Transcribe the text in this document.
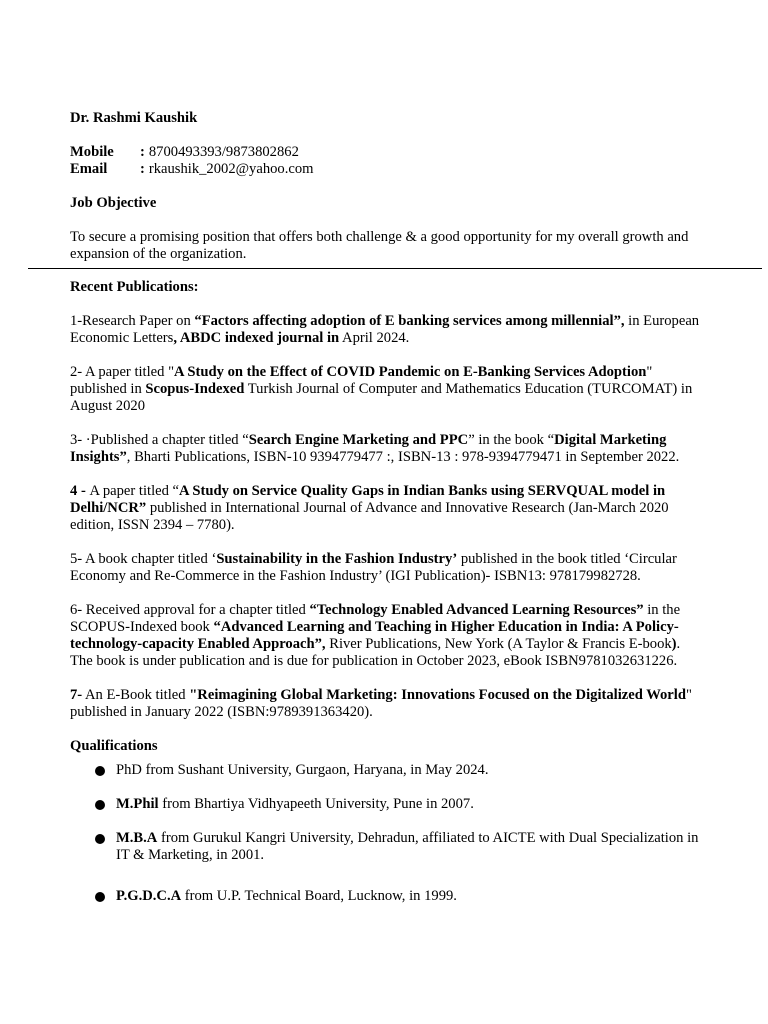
Dr. Rashmi Kaushik

Mobile	: 8700493393/9873802862
Email	: rkaushik_2002@yahoo.com

Job Objective

To secure a promising position that offers both challenge & a good opportunity for my overall growth and expansion of the organization.

Recent Publications:

1-Research Paper on “Factors affecting adoption of E banking services among millennial”, in European Economic Letters, ABDC indexed journal in April 2024.
2- A paper titled "A Study on the Effect of COVID Pandemic on E-Banking Services Adoption" published in Scopus-Indexed Turkish Journal of Computer and Mathematics Education (TURCOMAT) in August 2020
3- ·Published a chapter titled “Search Engine Marketing and PPC” in the book “Digital Marketing Insights”, Bharti Publications, ISBN-10 9394779477 :, ISBN-13 : 978-9394779471 in September 2022.
4 - A paper titled “A Study on Service Quality Gaps in Indian Banks using SERVQUAL model in Delhi/NCR” published in International Journal of Advance and Innovative Research (Jan-March 2020 edition, ISSN 2394 – 7780).
5- A book chapter titled ‘Sustainability in the Fashion Industry’ published in the book titled ‘Circular Economy and Re-Commerce in the Fashion Industry’ (IGI Publication)- ISBN13: 978179982728.
6- Received approval for a chapter titled “Technology Enabled Advanced Learning Resources” in the SCOPUS-Indexed book “Advanced Learning and Teaching in Higher Education in India: A Policy-technology-capacity Enabled Approach”, River Publications, New York (A Taylor & Francis E-book). The book is under publication and is due for publication in October 2023, eBook ISBN9781032631226.
7- An E-Book titled "Reimagining Global Marketing: Innovations Focused on the Digitalized World" published in January 2022 (ISBN:9789391363420).

Qualifications

PhD from Sushant University, Gurgaon, Haryana, in May 2024.
M.Phil from Bhartiya Vidhyapeeth University, Pune in 2007.
M.B.A from Gurukul Kangri University, Dehradun, affiliated to AICTE with Dual Specialization in IT & Marketing, in 2001.
P.G.D.C.A from U.P. Technical Board, Lucknow, in 1999.
